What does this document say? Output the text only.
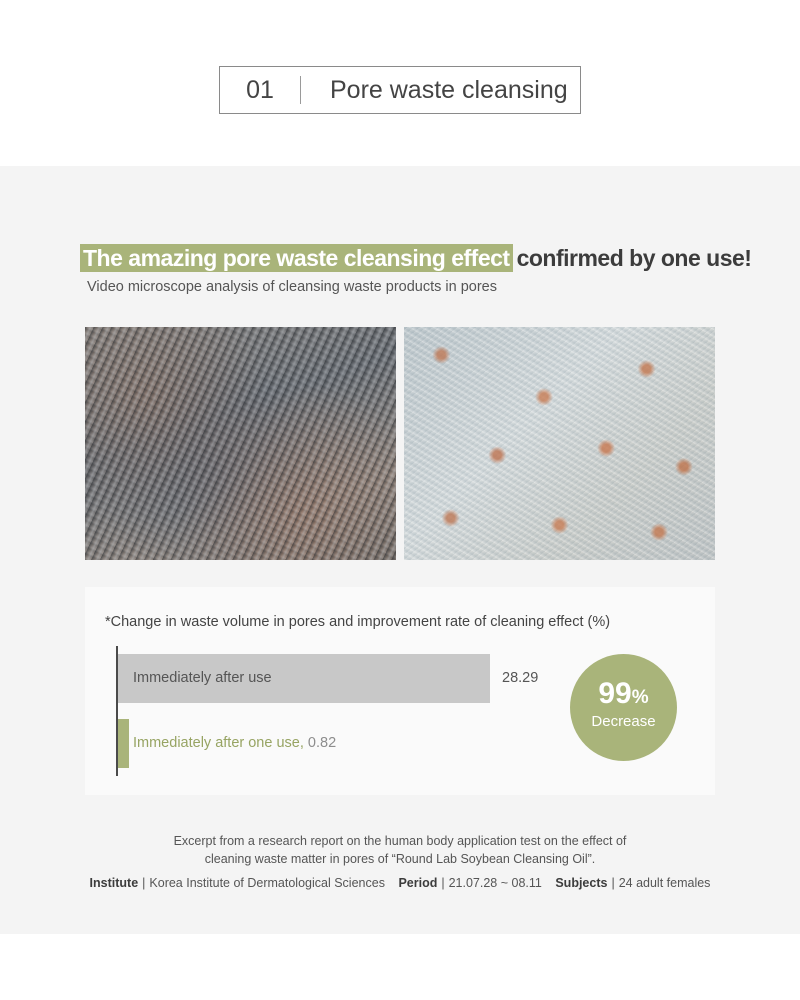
01	Pore waste cleansing
The amazing pore waste cleansing effect confirmed by one use!
Video microscope analysis of cleansing waste products in pores
*Change in waste volume in pores and improvement rate of cleaning effect (%)
Immediately after use	28.29
Immediately after one use, 0.82
99%
Decrease
Excerpt from a research report on the human body application test on the effect of
cleaning waste matter in pores of “Round Lab Soybean Cleansing Oil”.
Institute | Korea Institute of Dermatological Sciences Period | 21.07.28 ~ 08.11 Subjects | 24 adult females
